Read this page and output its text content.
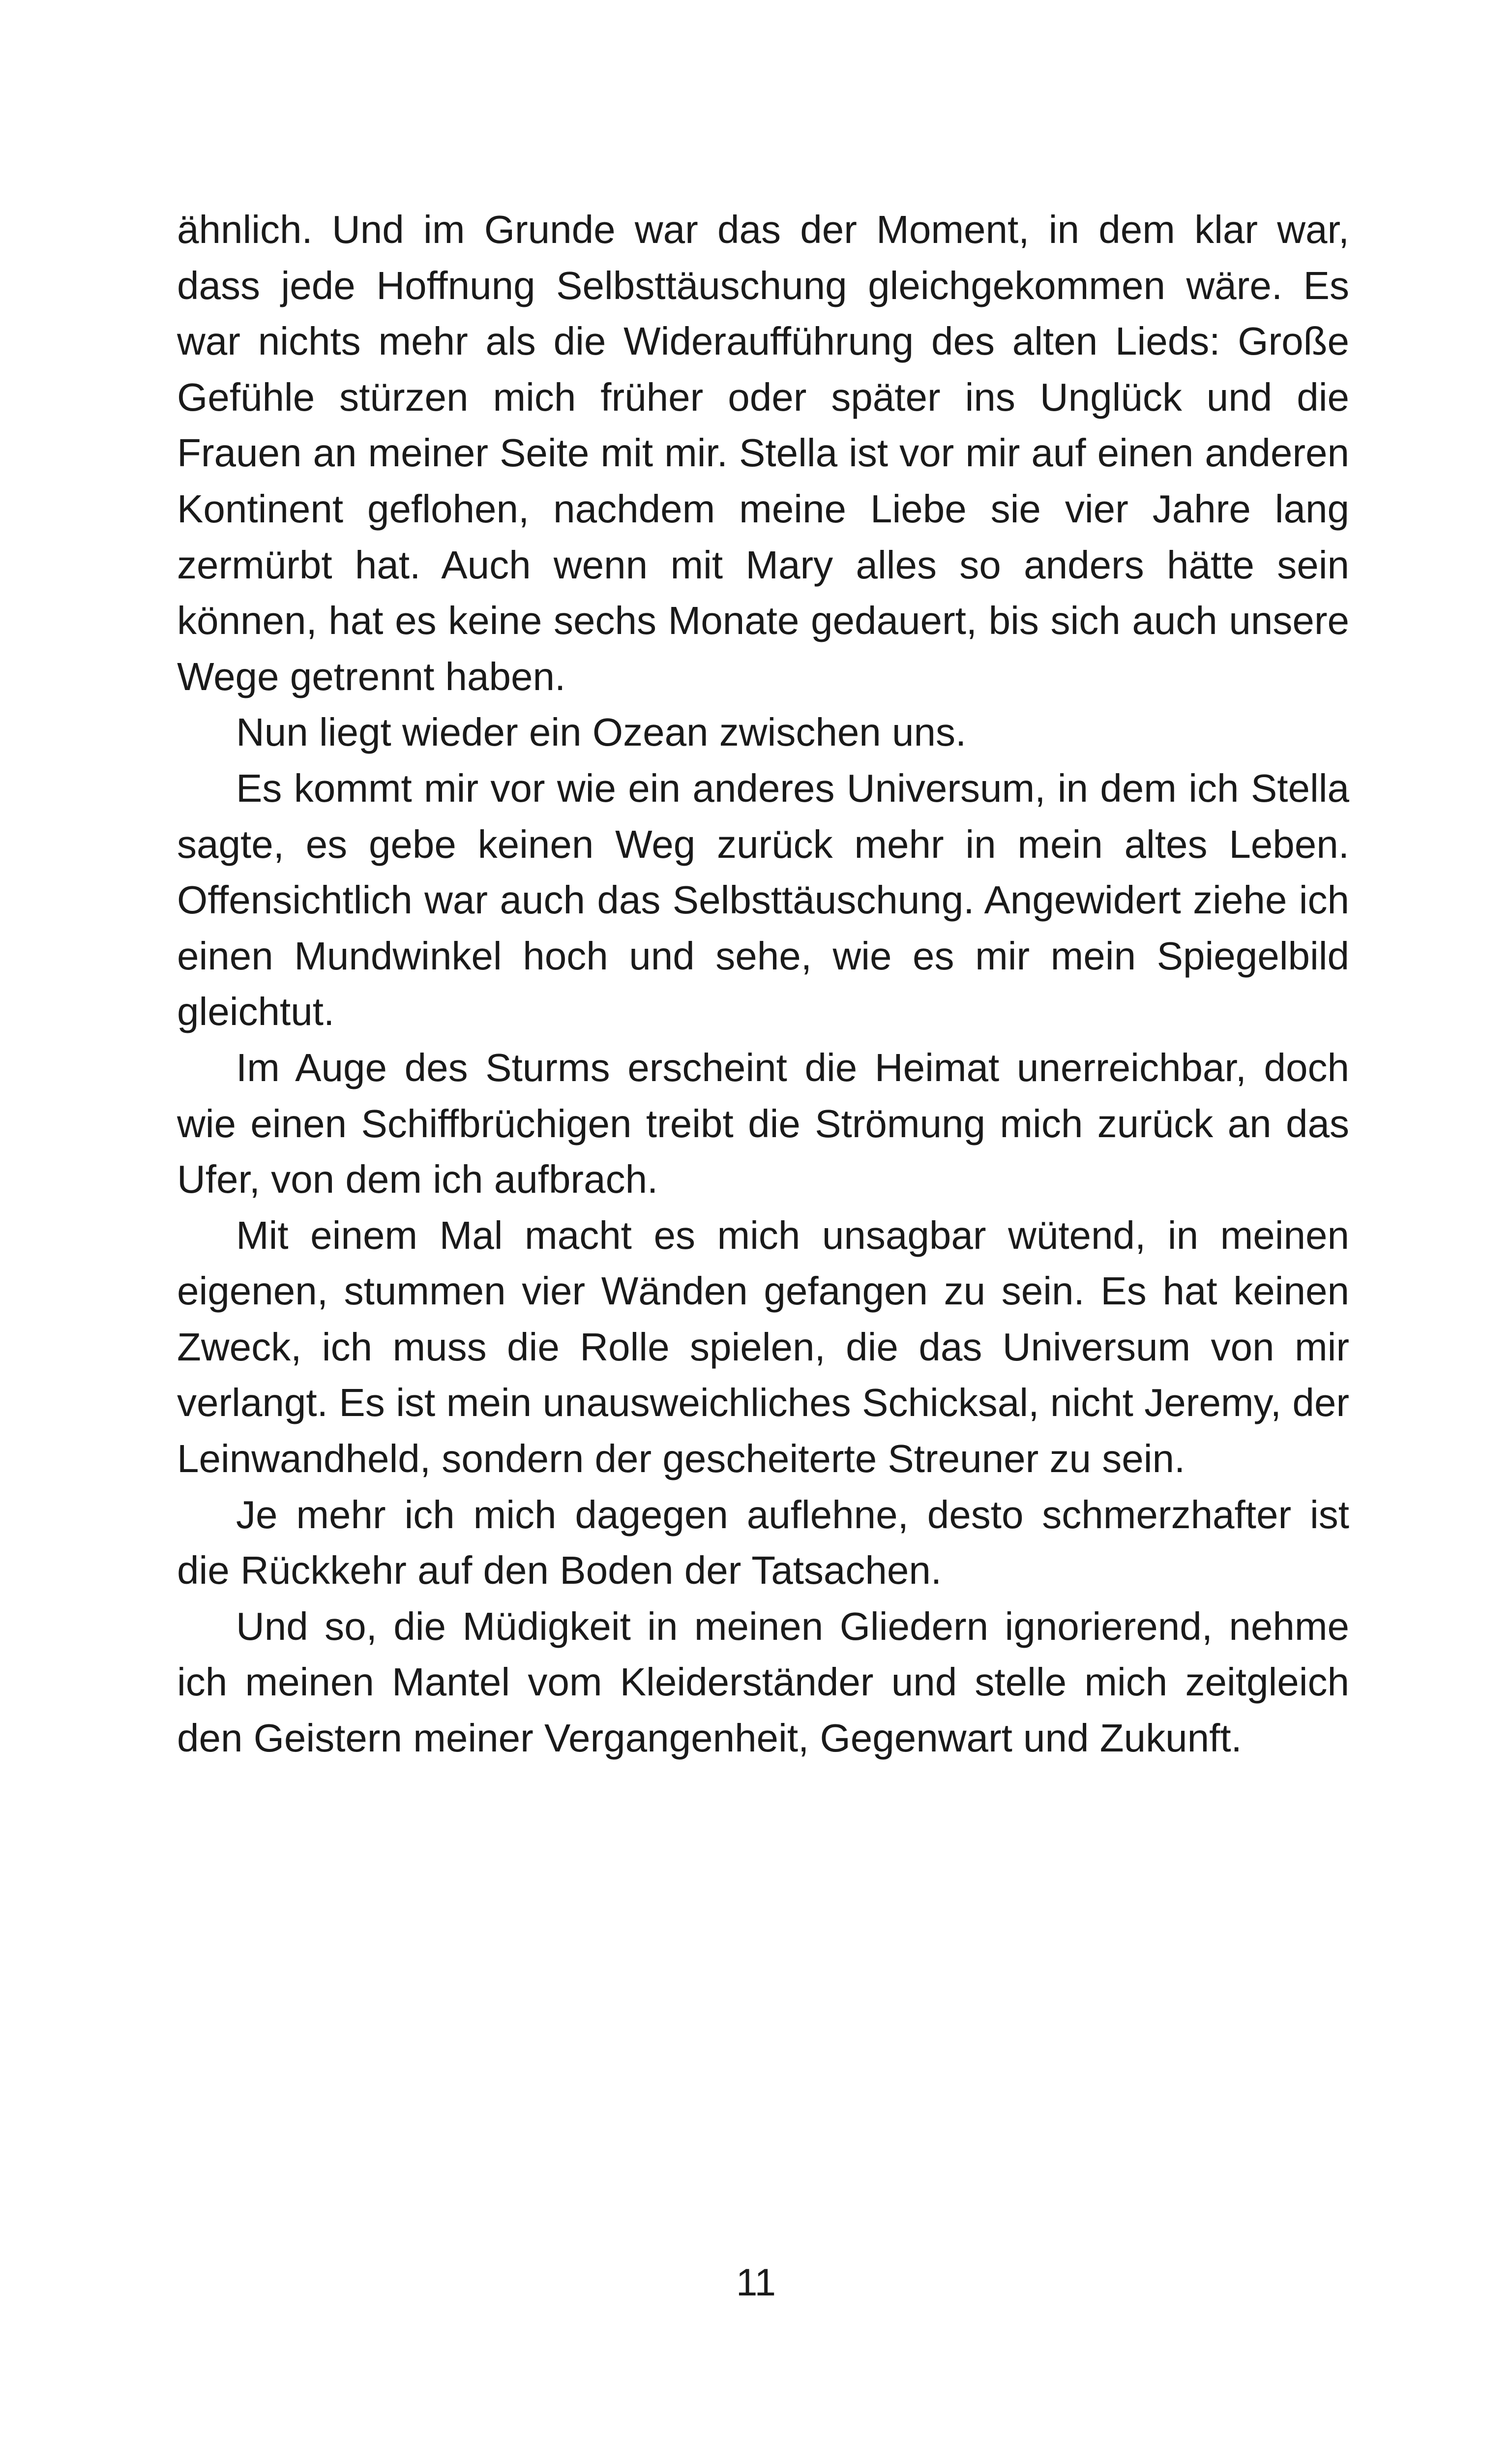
ähnlich. Und im Grunde war das der Moment, in dem klar war, dass jede Hoffnung Selbsttäuschung gleichgekommen wäre. Es war nichts mehr als die Wideraufführung des alten Lieds: Große Gefühle stürzen mich früher oder später ins Unglück und die Frauen an meiner Seite mit mir. Stella ist vor mir auf einen anderen Kontinent geflohen, nachdem meine Liebe sie vier Jahre lang zermürbt hat. Auch wenn mit Mary alles so anders hätte sein können, hat es keine sechs Monate gedauert, bis sich auch unsere Wege getrennt haben.

Nun liegt wieder ein Ozean zwischen uns.

Es kommt mir vor wie ein anderes Universum, in dem ich Stella sagte, es gebe keinen Weg zurück mehr in mein altes Leben. Offensichtlich war auch das Selbsttäuschung. Angewidert ziehe ich einen Mundwinkel hoch und sehe, wie es mir mein Spiegelbild gleichtut.

Im Auge des Sturms erscheint die Heimat unerreichbar, doch wie einen Schiffbrüchigen treibt die Strömung mich zurück an das Ufer, von dem ich aufbrach.

Mit einem Mal macht es mich unsagbar wütend, in meinen eigenen, stummen vier Wänden gefangen zu sein. Es hat keinen Zweck, ich muss die Rolle spielen, die das Universum von mir verlangt. Es ist mein unausweichliches Schicksal, nicht Jeremy, der Leinwandheld, sondern der gescheiterte Streuner zu sein.

Je mehr ich mich dagegen auflehne, desto schmerzhafter ist die Rückkehr auf den Boden der Tatsachen.

Und so, die Müdigkeit in meinen Gliedern ignorierend, nehme ich meinen Mantel vom Kleiderständer und stelle mich zeitgleich den Geistern meiner Vergangenheit, Gegenwart und Zukunft.

11
